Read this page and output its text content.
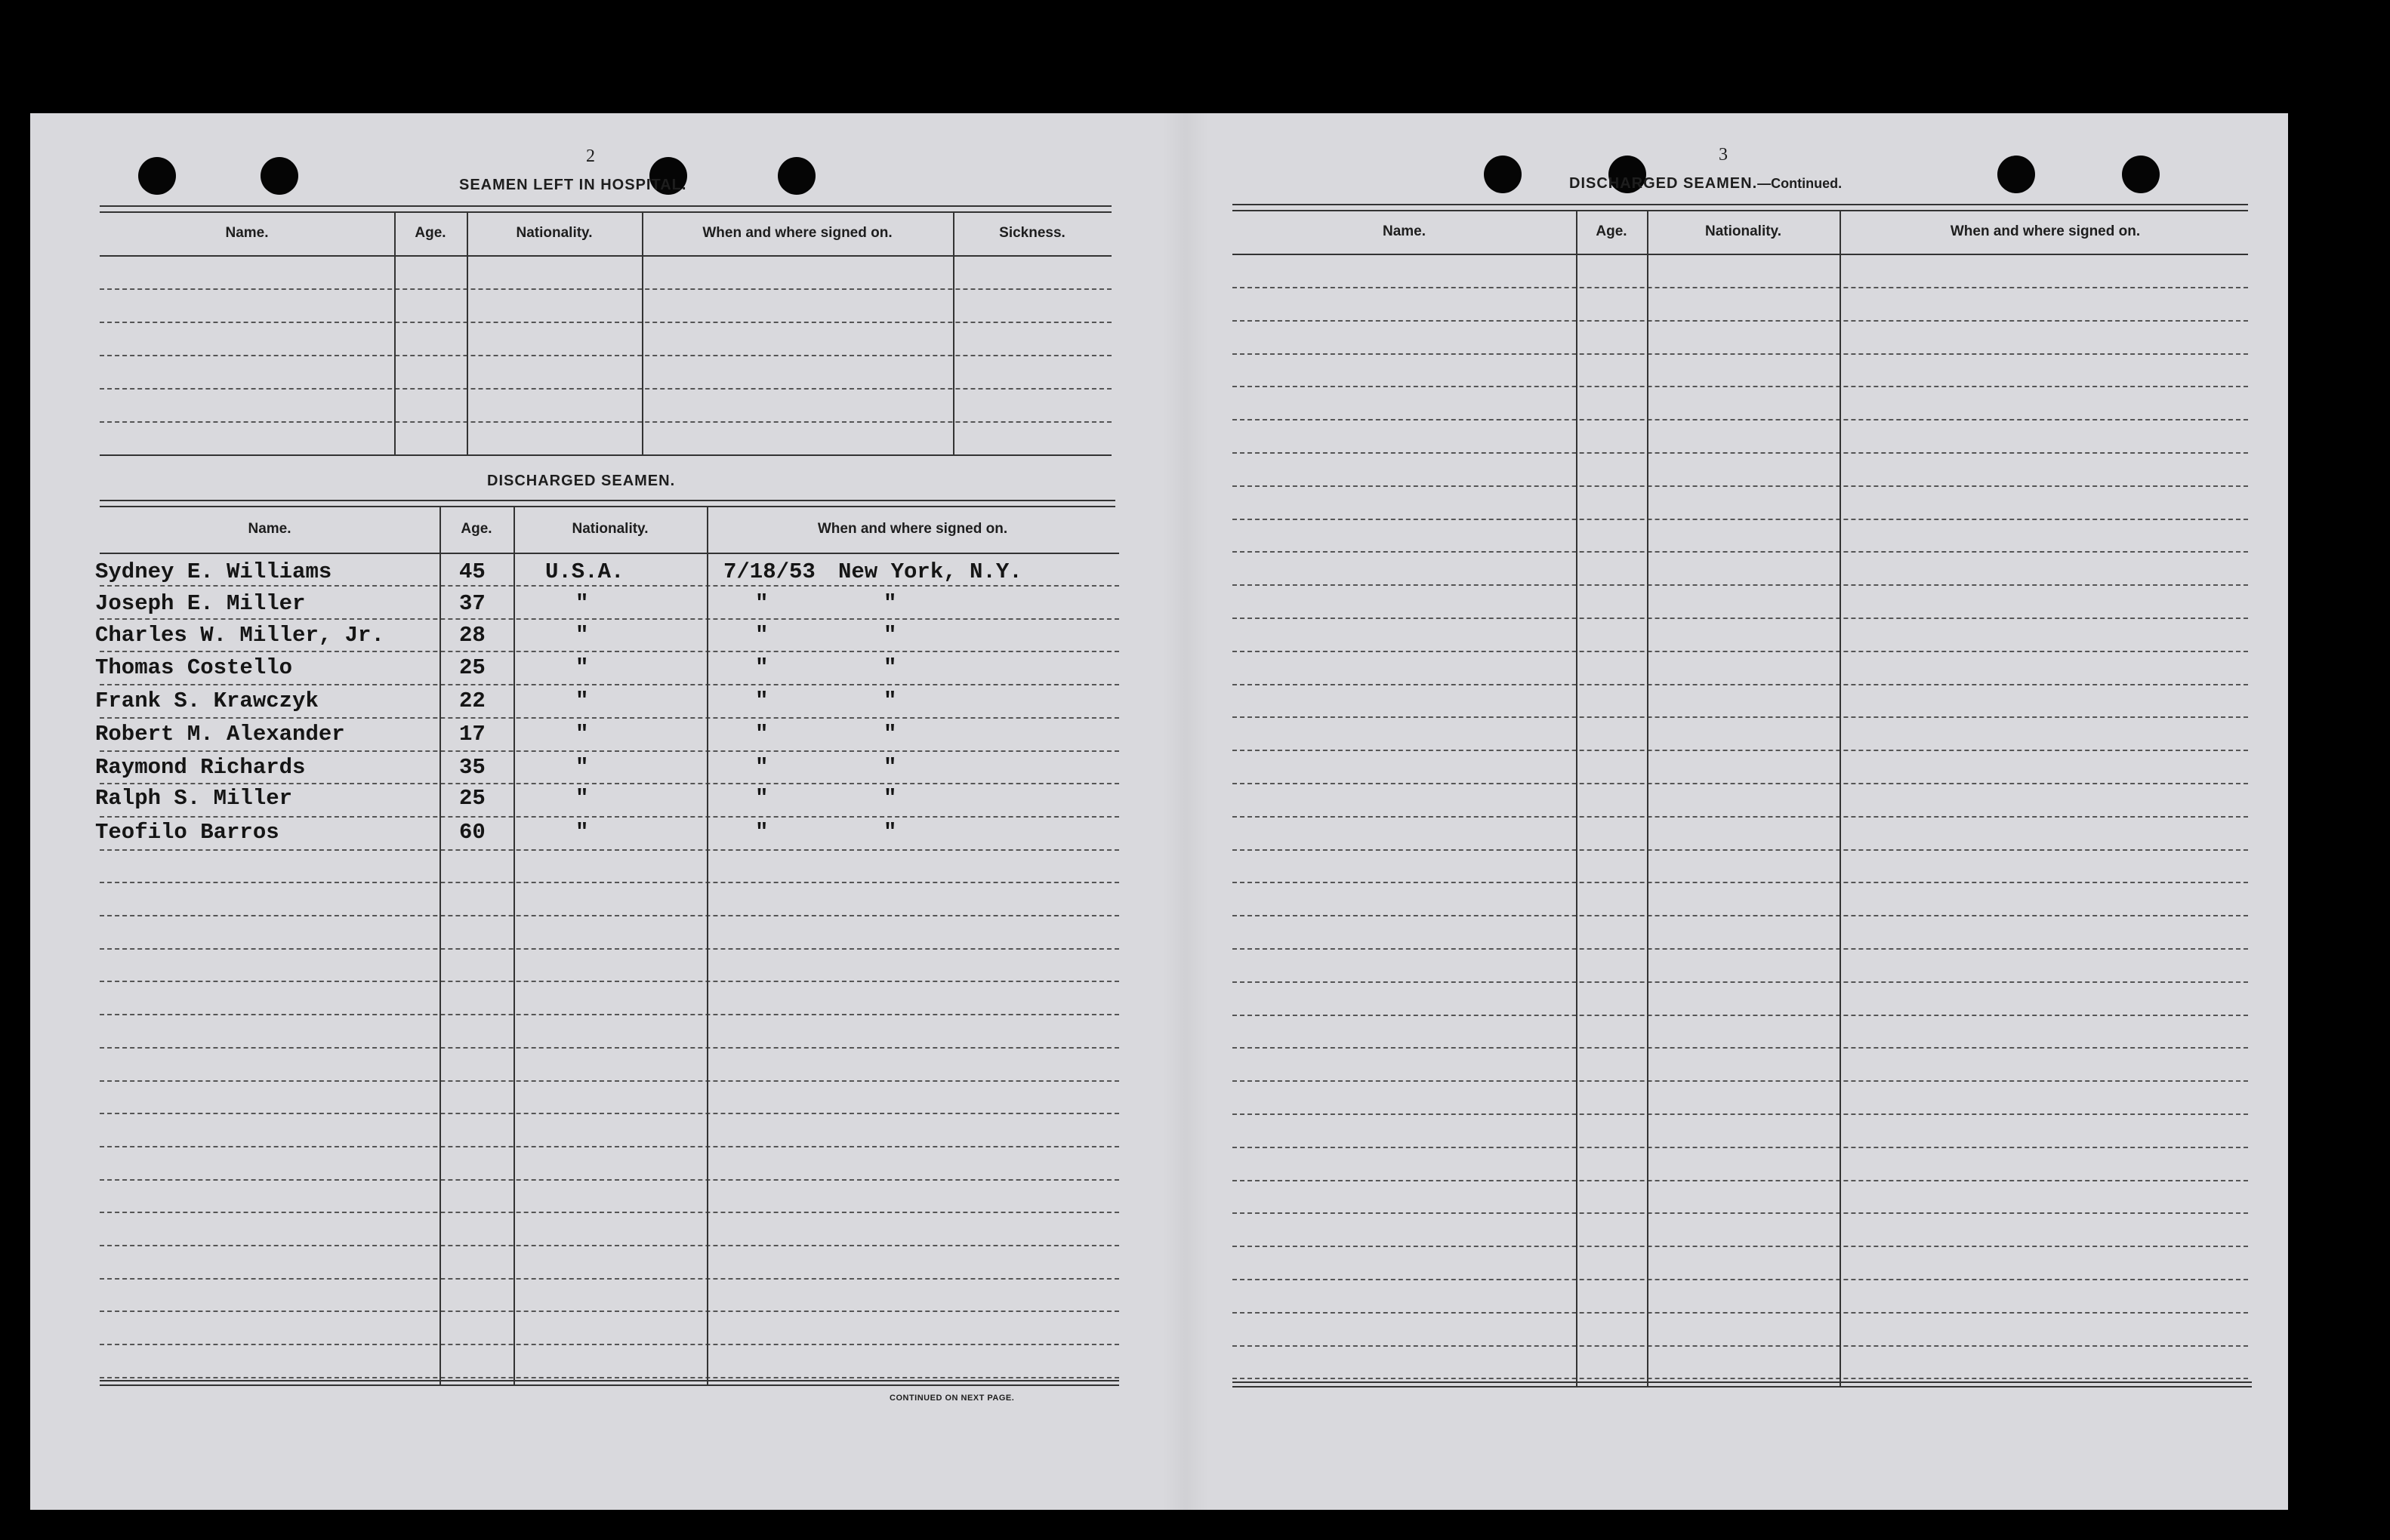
2
SEAMEN LEFT IN HOSPITAL.
Name.	Age.	Nationality.	When and where signed on.	Sickness.
DISCHARGED SEAMEN.
Name.	Age.	Nationality.	When and where signed on.
Sydney E. Williams	45	U.S.A.	7/18/53 New York, N.Y.
Joseph E. Miller	37	"	"	"
Charles W. Miller, Jr.	28	"	"	"
Thomas Costello	25	"	"	"
Frank S. Krawczyk	22	"	"	"
Robert M. Alexander	17	"	"	"
Raymond Richards	35	"	"	"
Ralph S. Miller	25	"	"	"
Teofilo Barros	60	"	"	"
CONTINUED ON NEXT PAGE.
3
DISCHARGED SEAMEN.—Continued.
Name.	Age.	Nationality.	When and where signed on.
